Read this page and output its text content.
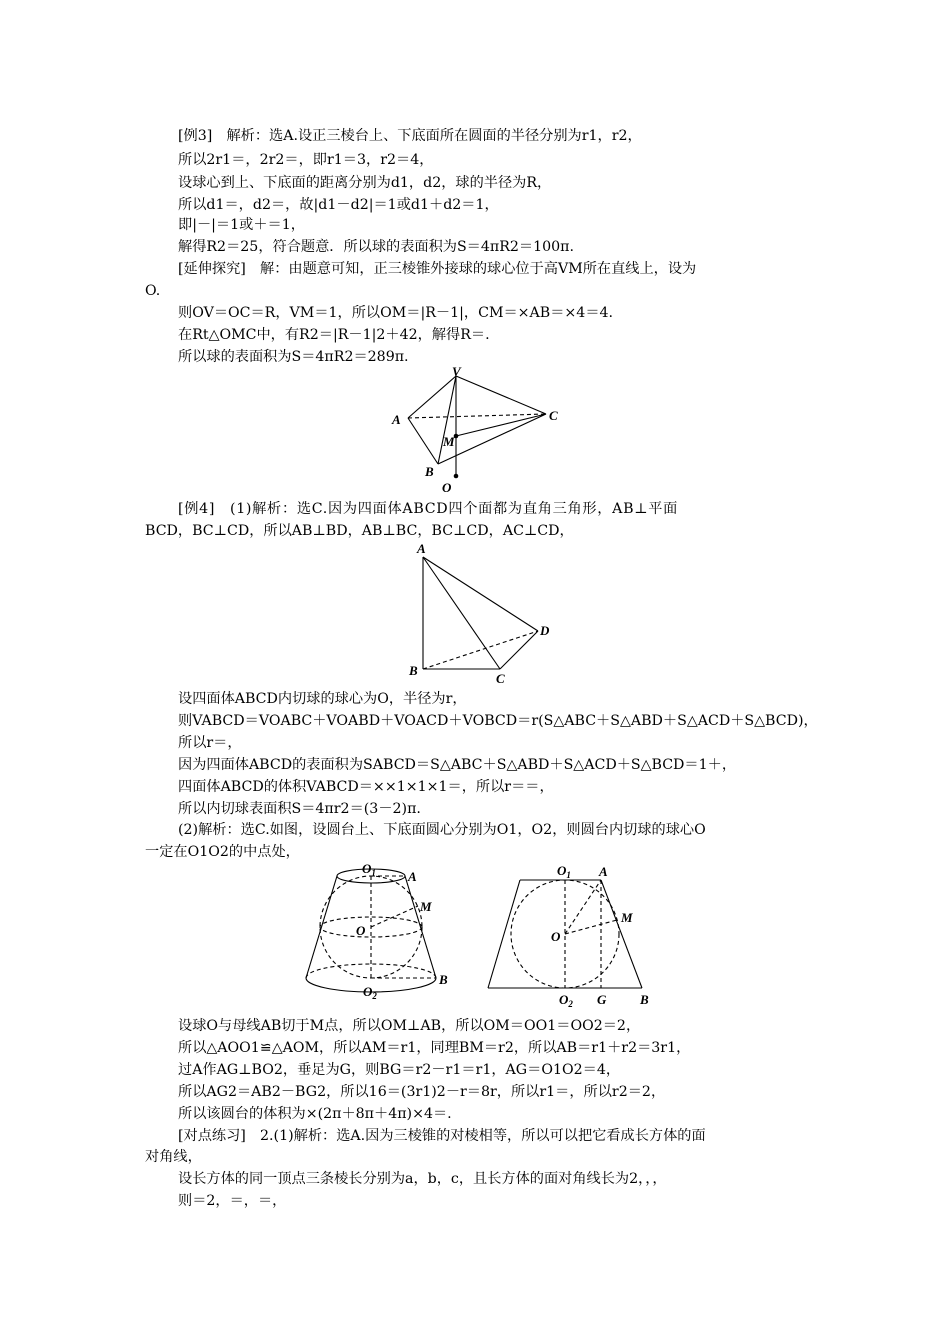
[例3]　解析：选A.设正三棱台上、下底面所在圆面的半径分别为r1，r2，
所以2r1＝，2r2＝，即r1＝3，r2＝4，
设球心到上、下底面的距离分别为d1，d2，球的半径为R，
所以d1＝，d2＝，故|d1－d2|＝1或d1＋d2＝1，
即|－|＝1或＋＝1，
解得R2＝25，符合题意．所以球的表面积为S＝4πR2＝100π.
[延伸探究]　解：由题意可知，正三棱锥外接球的球心位于高VM所在直线上，设为
O.
则OV＝OC＝R，VM＝1，所以OM＝|R－1|，CM＝×AB＝×4＝4.
在Rt△OMC中，有R2＝|R－1|2＋42，解得R＝.
所以球的表面积为S＝4πR2＝289π.
V
A	C
M
B
O
[例4]　(1)解析：选C.因为四面体ABCD四个面都为直角三角形，AB⊥平面
BCD，BC⊥CD，所以AB⊥BD，AB⊥BC，BC⊥CD，AC⊥CD，
A
B
C
D
设四面体ABCD内切球的球心为O，半径为r，
则VABCD＝VOABC＋VOABD＋VOACD＋VOBCD＝r(S△ABC＋S△ABD＋S△ACD＋S△BCD)，
所以r＝，
因为四面体ABCD的表面积为SABCD＝S△ABC＋S△ABD＋S△ACD＋S△BCD＝1＋，
四面体ABCD的体积VABCD＝××1×1×1＝，所以r＝＝，
所以内切球表面积S＝4πr2＝(3－2)π.
(2)解析：选C.如图，设圆台上、下底面圆心分别为O1，O2，则圆台内切球的球心O
一定在O1O2的中点处，
$O_1$ A
M
O
$O_2$
B
$O_1$ A
M
O
$O_2$ G	B
设球O与母线AB切于M点，所以OM⊥AB，所以OM＝OO1＝OO2＝2，
所以△AOO1≌△AOM，所以AM＝r1，同理BM＝r2，所以AB＝r1＋r2＝3r1，
过A作AG⊥BO2，垂足为G，则BG＝r2－r1＝r1，AG＝O1O2＝4，
所以AG2＝AB2－BG2，所以16＝(3r1)2－r＝8r，所以r1＝，所以r2＝2，
所以该圆台的体积为×(2π＋8π＋4π)×4＝.
[对点练习]　2.(1)解析：选A.因为三棱锥的对棱相等，所以可以把它看成长方体的面
对角线，
设长方体的同一顶点三条棱长分别为a，b，c，且长方体的面对角线长为2，，，
则＝2，＝，＝，
